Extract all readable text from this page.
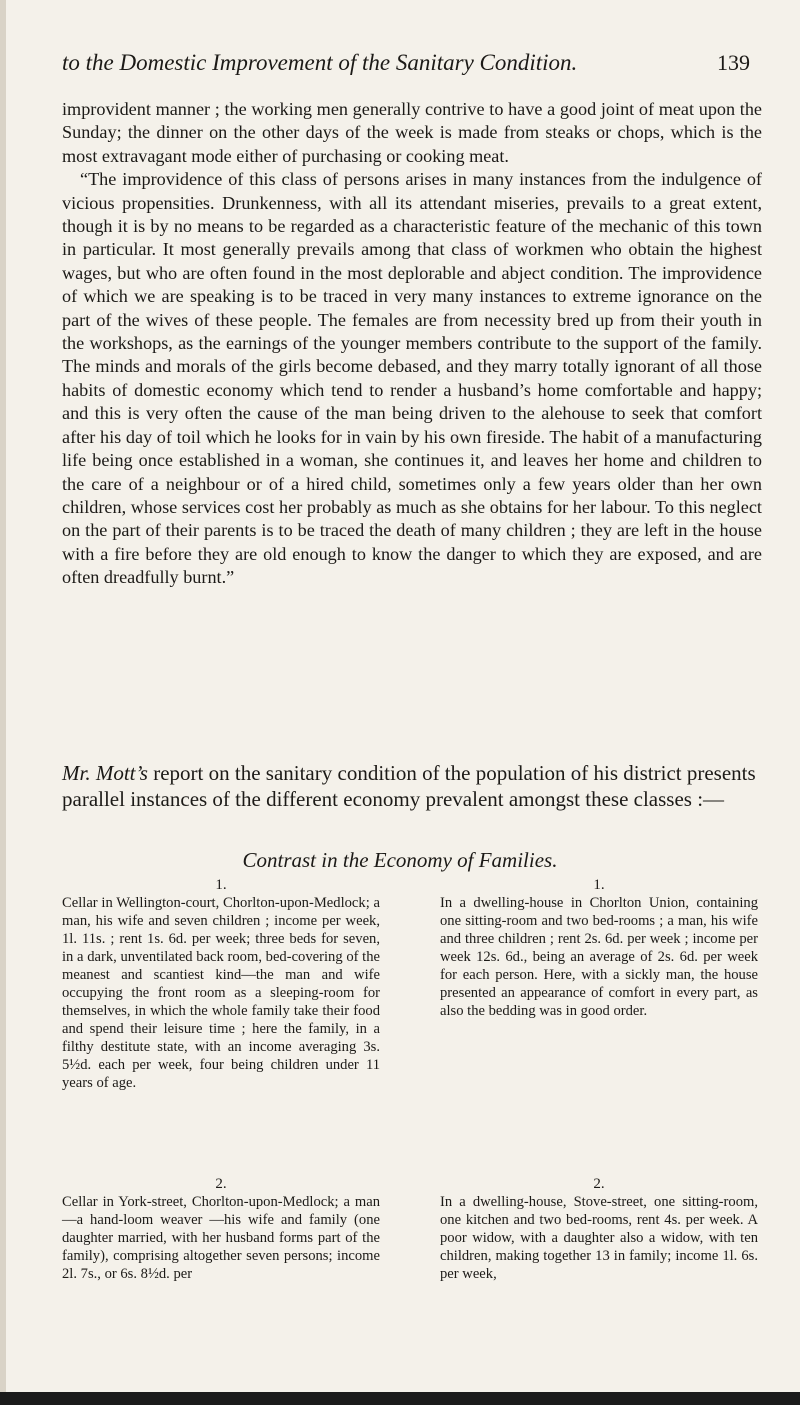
to the Domestic Improvement of the Sanitary Condition.	139

improvident manner ; the working men generally contrive to have a good joint of meat upon the Sunday; the dinner on the other days of the week is made from steaks or chops, which is the most extravagant mode either of purchasing or cooking meat.

“The improvidence of this class of persons arises in many instances from the indulgence of vicious propensities. Drunkenness, with all its attendant miseries, prevails to a great extent, though it is by no means to be regarded as a characteristic feature of the mechanic of this town in particular. It most generally prevails among that class of workmen who obtain the highest wages, but who are often found in the most deplorable and abject condition. The improvidence of which we are speaking is to be traced in very many instances to extreme ignorance on the part of the wives of these people. The females are from necessity bred up from their youth in the workshops, as the earnings of the younger members contribute to the support of the family. The minds and morals of the girls become debased, and they marry totally ignorant of all those habits of domestic economy which tend to render a husband’s home comfortable and happy; and this is very often the cause of the man being driven to the alehouse to seek that comfort after his day of toil which he looks for in vain by his own fireside. The habit of a manufacturing life being once established in a woman, she continues it, and leaves her home and children to the care of a neighbour or of a hired child, sometimes only a few years older than her own children, whose services cost her probably as much as she obtains for her labour. To this neglect on the part of their parents is to be traced the death of many children ; they are left in the house with a fire before they are old enough to know the danger to which they are exposed, and are often dreadfully burnt.”

Mr. Mott’s report on the sanitary condition of the population of his district presents parallel instances of the different economy prevalent amongst these classes :—
Contrast in the Economy of Families.
1.
Cellar in Wellington-court, Chorlton-upon-Medlock; a man, his wife and seven children ; income per week, 1l. 11s. ; rent 1s. 6d. per week; three beds for seven, in a dark, unventilated back room, bed-covering of the meanest and scantiest kind—the man and wife occupying the front room as a sleeping-room for themselves, in which the whole family take their food and spend their leisure time ; here the family, in a filthy destitute state, with an income averaging 3s. 5½d. each per week, four being children under 11 years of age.
2.
Cellar in York-street, Chorlton-upon-Medlock; a man—a hand-loom weaver —his wife and family (one daughter married, with her husband forms part of the family), comprising altogether seven persons; income 2l. 7s., or 6s. 8½d. per
1.
In a dwelling-house in Chorlton Union, containing one sitting-room and two bed-rooms ; a man, his wife and three children ; rent 2s. 6d. per week ; income per week 12s. 6d., being an average of 2s. 6d. per week for each person. Here, with a sickly man, the house presented an appearance of comfort in every part, as also the bedding was in good order.
2.
In a dwelling-house, Stove-street, one sitting-room, one kitchen and two bed-rooms, rent 4s. per week. A poor widow, with a daughter also a widow, with ten children, making together 13 in family; income 1l. 6s. per week,
